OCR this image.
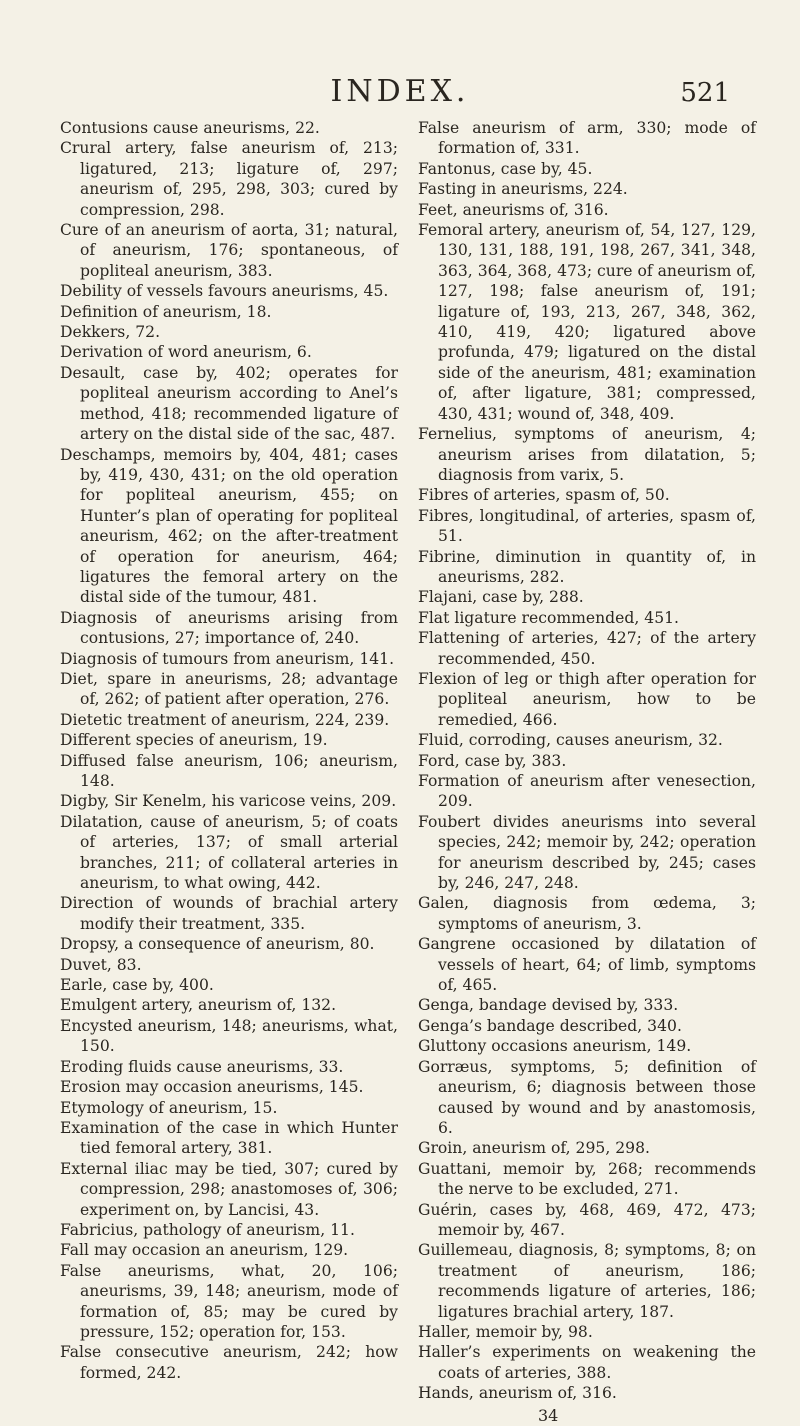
INDEX.	521

Contusions cause aneurisms, 22.

Crural artery, false aneurism of, 213; ligatured, 213; ligature of, 297; aneurism of, 295, 298, 303; cured by compression, 298.

Cure of an aneurism of aorta, 31; natural, of aneurism, 176; spontaneous, of popliteal aneurism, 383.

Debility of vessels favours aneurisms, 45.

Definition of aneurism, 18.

Dekkers, 72.

Derivation of word aneurism, 6.

Desault, case by, 402; operates for popliteal aneurism according to Anel’s method, 418; recommended ligature of artery on the distal side of the sac, 487.

Deschamps, memoirs by, 404, 481; cases by, 419, 430, 431; on the old operation for popliteal aneurism, 455; on Hunter’s plan of operating for popliteal aneurism, 462; on the after-treatment of operation for aneurism, 464; ligatures the femoral artery on the distal side of the tumour, 481.

Diagnosis of aneurisms arising from contusions, 27; importance of, 240.

Diagnosis of tumours from aneurism, 141.

Diet, spare in aneurisms, 28; advantage of, 262; of patient after operation, 276.

Dietetic treatment of aneurism, 224, 239.

Different species of aneurism, 19.

Diffused false aneurism, 106; aneurism, 148.

Digby, Sir Kenelm, his varicose veins, 209.

Dilatation, cause of aneurism, 5; of coats of arteries, 137; of small arterial branches, 211; of collateral arteries in aneurism, to what owing, 442.

Direction of wounds of brachial artery modify their treatment, 335.

Dropsy, a consequence of aneurism, 80.

Duvet, 83.

Earle, case by, 400.

Emulgent artery, aneurism of, 132.

Encysted aneurism, 148; aneurisms, what, 150.

Eroding fluids cause aneurisms, 33.

Erosion may occasion aneurisms, 145.

Etymology of aneurism, 15.

Examination of the case in which Hunter tied femoral artery, 381.

External iliac may be tied, 307; cured by compression, 298; anastomoses of, 306; experiment on, by Lancisi, 43.

Fabricius, pathology of aneurism, 11.

Fall may occasion an aneurism, 129.

False aneurisms, what, 20, 106; aneurisms, 39, 148; aneurism, mode of formation of, 85; may be cured by pressure, 152; operation for, 153.

False consecutive aneurism, 242; how formed, 242.

False aneurism of arm, 330; mode of formation of, 331.

Fantonus, case by, 45.

Fasting in aneurisms, 224.

Feet, aneurisms of, 316.

Femoral artery, aneurism of, 54, 127, 129, 130, 131, 188, 191, 198, 267, 341, 348, 363, 364, 368, 473; cure of aneurism of, 127, 198; false aneurism of, 191; ligature of, 193, 213, 267, 348, 362, 410, 419, 420; ligatured above profunda, 479; ligatured on the distal side of the aneurism, 481; examination of, after ligature, 381; compressed, 430, 431; wound of, 348, 409.

Fernelius, symptoms of aneurism, 4; aneurism arises from dilatation, 5; diagnosis from varix, 5.

Fibres of arteries, spasm of, 50.

Fibres, longitudinal, of arteries, spasm of, 51.

Fibrine, diminution in quantity of, in aneurisms, 282.

Flajani, case by, 288.

Flat ligature recommended, 451.

Flattening of arteries, 427; of the artery recommended, 450.

Flexion of leg or thigh after operation for popliteal aneurism, how to be remedied, 466.

Fluid, corroding, causes aneurism, 32.

Ford, case by, 383.

Formation of aneurism after venesection, 209.

Foubert divides aneurisms into several species, 242; memoir by, 242; operation for aneurism described by, 245; cases by, 246, 247, 248.

Galen, diagnosis from œdema, 3; symptoms of aneurism, 3.

Gangrene occasioned by dilatation of vessels of heart, 64; of limb, symptoms of, 465.

Genga, bandage devised by, 333.

Genga’s bandage described, 340.

Gluttony occasions aneurism, 149.

Gorræus, symptoms, 5; definition of aneurism, 6; diagnosis between those caused by wound and by anastomosis, 6.

Groin, aneurism of, 295, 298.

Guattani, memoir by, 268; recommends the nerve to be excluded, 271.

Guérin, cases by, 468, 469, 472, 473; memoir by, 467.

Guillemeau, diagnosis, 8; symptoms, 8; on treatment of aneurism, 186; recommends ligature of arteries, 186; ligatures brachial artery, 187.

Haller, memoir by, 98.

Haller’s experiments on weakening the coats of arteries, 388.

Hands, aneurism of, 316.

34
